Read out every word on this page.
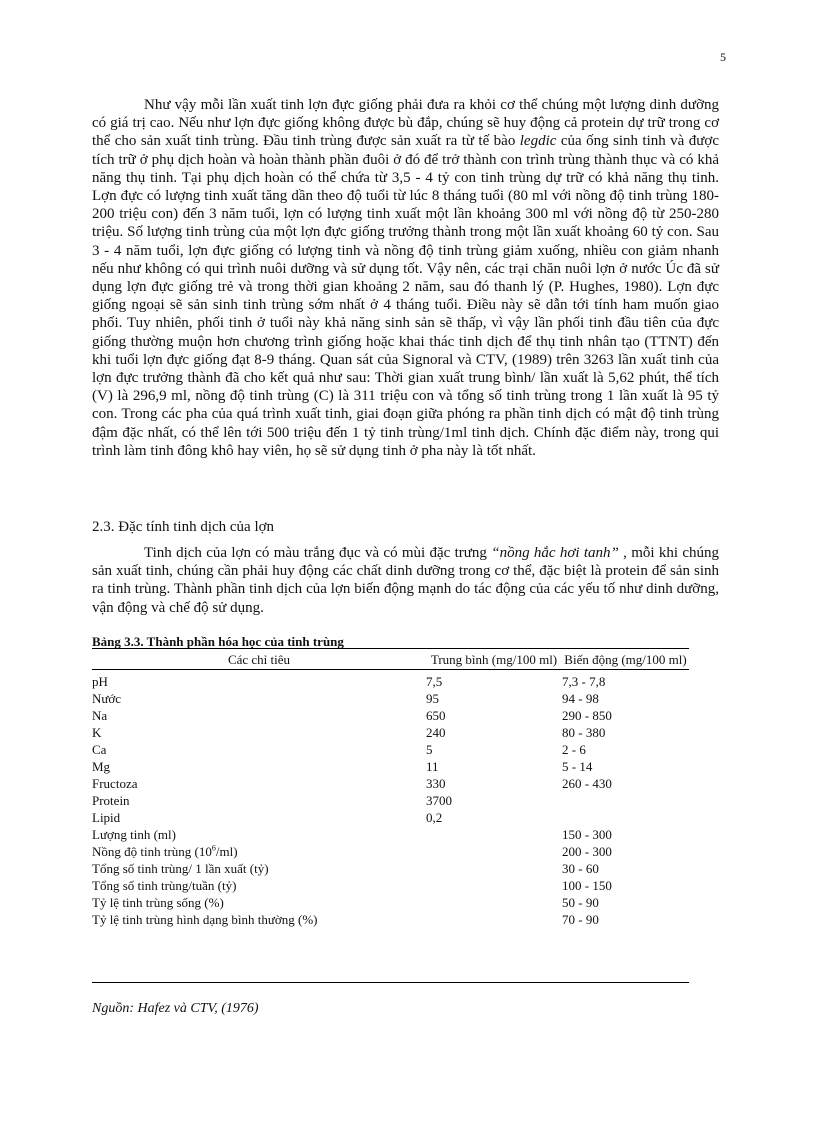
5

Như vậy mỗi lần xuất tinh lợn đực giống phải đưa ra khỏi cơ thể chúng một lượng dinh dưỡng có giá trị cao. Nếu như lợn đực giống không được bù đắp, chúng sẽ huy động cả protein dự trữ trong cơ thể cho sản xuất tinh trùng. Đầu tinh trùng được sản xuất ra từ tế bào legdic của ống sinh tinh và được tích trữ ở phụ dịch hoàn và hoàn thành phần đuôi ở đó để trở thành con trình trùng thành thục và có khả năng thụ tinh. Tại phụ dịch hoàn có thể chứa từ 3,5 - 4 tỷ con tinh trùng dự trữ có khả năng thụ tinh. Lợn đực có lượng tinh xuất tăng dần theo độ tuổi từ lúc 8 tháng tuổi (80 ml với nồng độ tinh trùng 180-200 triệu con) đến 3 năm tuổi, lợn có lượng tinh xuất một lần khoảng 300 ml với nồng độ từ 250-280 triệu. Số lượng tinh trùng của một lợn đực giống trưởng thành trong một lần xuất khoảng 60 tỷ con. Sau 3 - 4 năm tuổi, lợn đực giống có lượng tinh và nồng độ tinh trùng giảm xuống, nhiều con giảm nhanh nếu như không có qui trình nuôi dưỡng và sử dụng tốt. Vậy nên, các trại chăn nuôi lợn ở nước Úc đã sử dụng lợn đực giống trẻ và trong thời gian khoảng 2 năm, sau đó thanh lý (P. Hughes, 1980). Lợn đực giống ngoại sẽ sản sinh tinh trùng sớm nhất ở 4 tháng tuổi. Điều này sẽ dẫn tới tính ham muốn giao phối. Tuy nhiên, phối tinh ở tuổi này khả năng sinh sản sẽ thấp, vì vậy lần phối tinh đầu tiên của đực giống thường muộn hơn chương trình giống hoặc khai thác tinh dịch để thụ tinh nhân tạo (TTNT) đến khi tuổi lợn đực giống đạt 8-9 tháng. Quan sát của Signoral và CTV, (1989) trên 3263 lần xuất tinh của lợn đực trưởng thành đã cho kết quả như sau: Thời gian xuất trung bình/ lần xuất là 5,62 phút, thể tích (V) là 296,9 ml, nồng độ tinh trùng (C) là 311 triệu con và tổng số tinh trùng trong 1 lần xuất là 95 tỷ con. Trong các pha của quá trình xuất tinh, giai đoạn giữa phóng ra phần tinh dịch có mật độ tinh trùng đậm đặc nhất, có thể lên tới 500 triệu đến 1 tỷ tinh trùng/1ml tinh dịch. Chính đặc điểm này, trong qui trình làm tinh đông khô hay viên, họ sẽ sử dụng tinh ở pha này là tốt nhất.

2.3. Đặc tính tinh dịch của lợn

Tinh dịch của lợn có màu trắng đục và có mùi đặc trưng “nồng hắc hơi tanh” , mỗi khi chúng sản xuất tinh, chúng cần phải huy động các chất dinh dưỡng trong cơ thể, đặc biệt là protein để sản sinh ra tinh trùng. Thành phần tinh dịch của lợn biến động mạnh do tác động của các yếu tố như dinh dưỡng, vận động và chế độ sử dụng.

Bảng 3.3. Thành phần hóa học của tinh trùng

Các chỉ tiêu	Trung bình (mg/100 ml)	Biến động (mg/100 ml)
pH	7,5	7,3 - 7,8
Nước	95	94 - 98
Na	650	290 - 850
K	240	80 - 380
Ca	5	2 - 6
Mg	11	5 - 14
Fructoza	330	260 - 430
Protein	3700	
Lipid	0,2	
Lượng tinh (ml)		150 - 300
Nồng độ tinh trùng $(10^6/ml)$		200 - 300
Tổng số tinh trùng/ 1 lần xuất (tỷ)		30 - 60
Tổng số tinh trùng/tuần (tỷ)		100 - 150
Tỷ lệ tinh trùng sống (%)		50 - 90
Tỷ lệ tinh trùng hình dạng bình thường (%)		70 - 90

Nguồn: Hafez và CTV, (1976)
